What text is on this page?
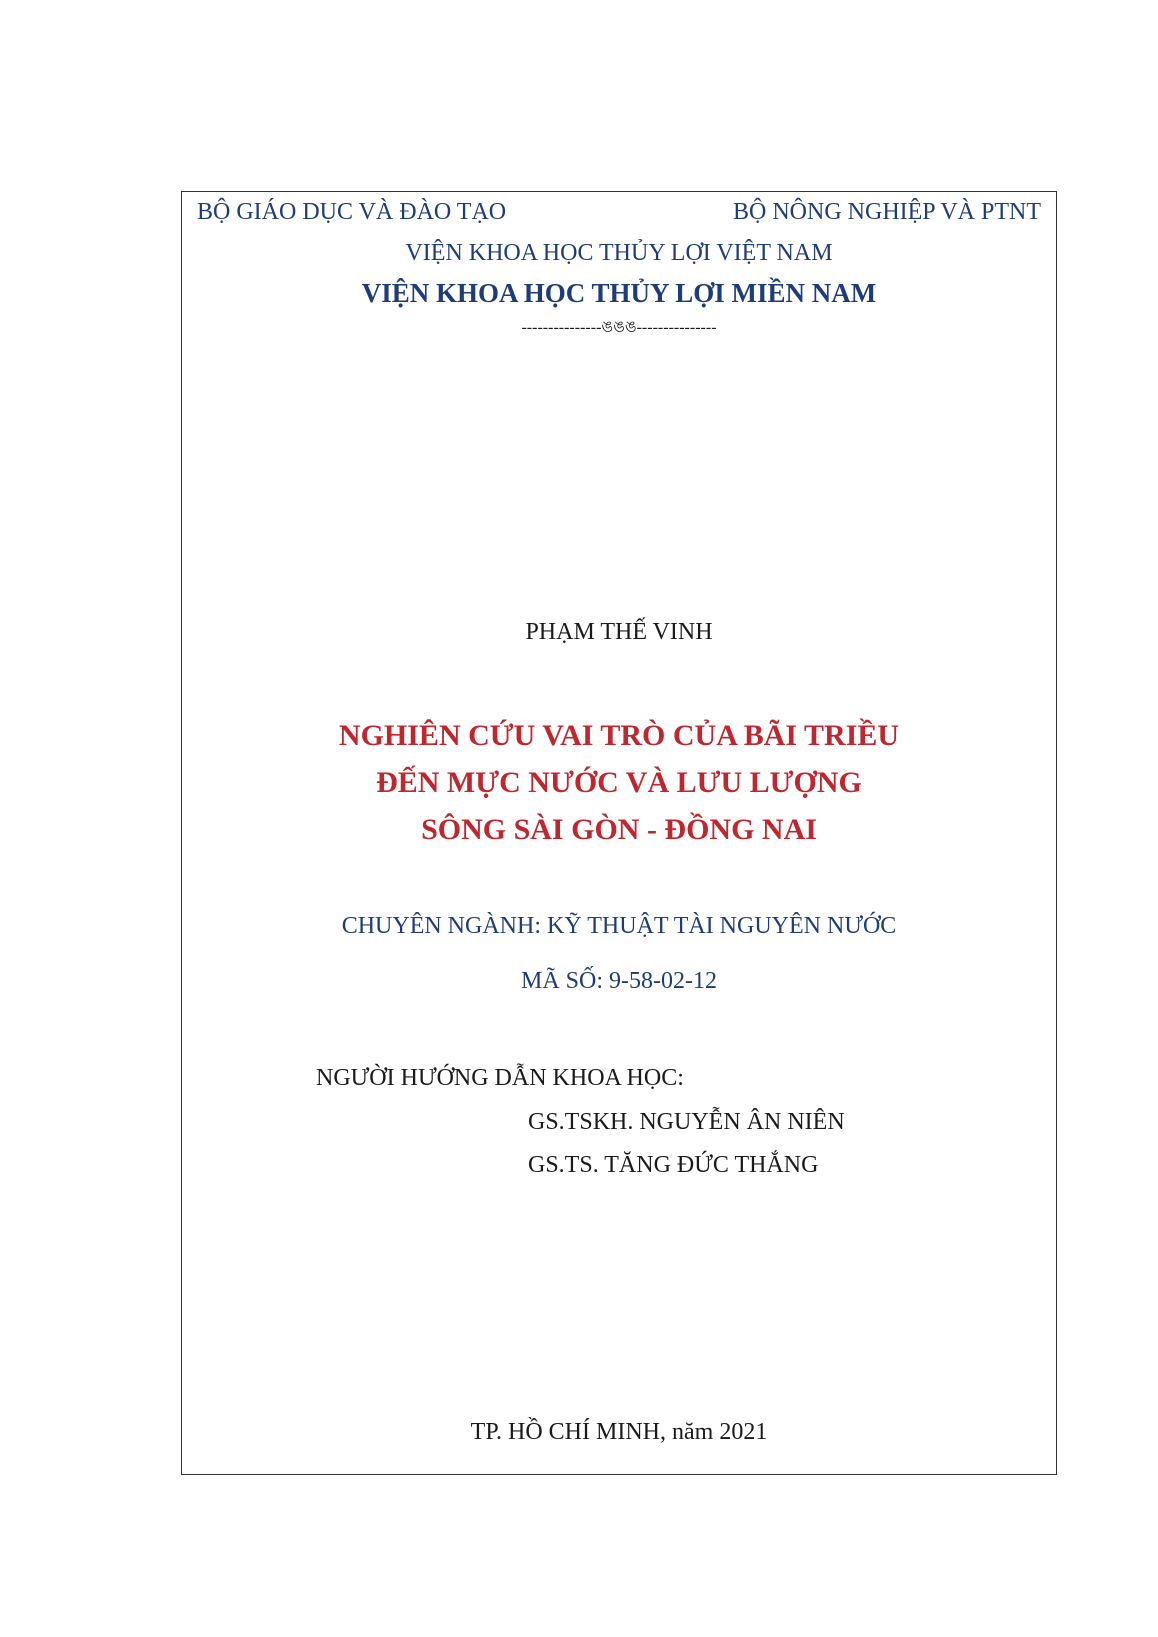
BỘ GIÁO DỤC VÀ ĐÀO TẠO	BỘ NÔNG NGHIỆP VÀ PTNT
VIỆN KHOA HỌC THỦY LỢI VIỆT NAM
VIỆN KHOA HỌC THỦY LỢI MIỀN NAM
---------------ঙঙঙ---------------
PHẠM THẾ VINH
NGHIÊN CỨU VAI TRÒ CỦA BÃI TRIỀU
ĐẾN MỰC NƯỚC VÀ LƯU LƯỢNG
SÔNG SÀI GÒN - ĐỒNG NAI
CHUYÊN NGÀNH: KỸ THUẬT TÀI NGUYÊN NƯỚC
MÃ SỐ: 9-58-02-12
NGƯỜI HƯỚNG DẪN KHOA HỌC:
GS.TSKH. NGUYỄN ÂN NIÊN
GS.TS. TĂNG ĐỨC THẮNG
TP. HỒ CHÍ MINH, năm 2021
